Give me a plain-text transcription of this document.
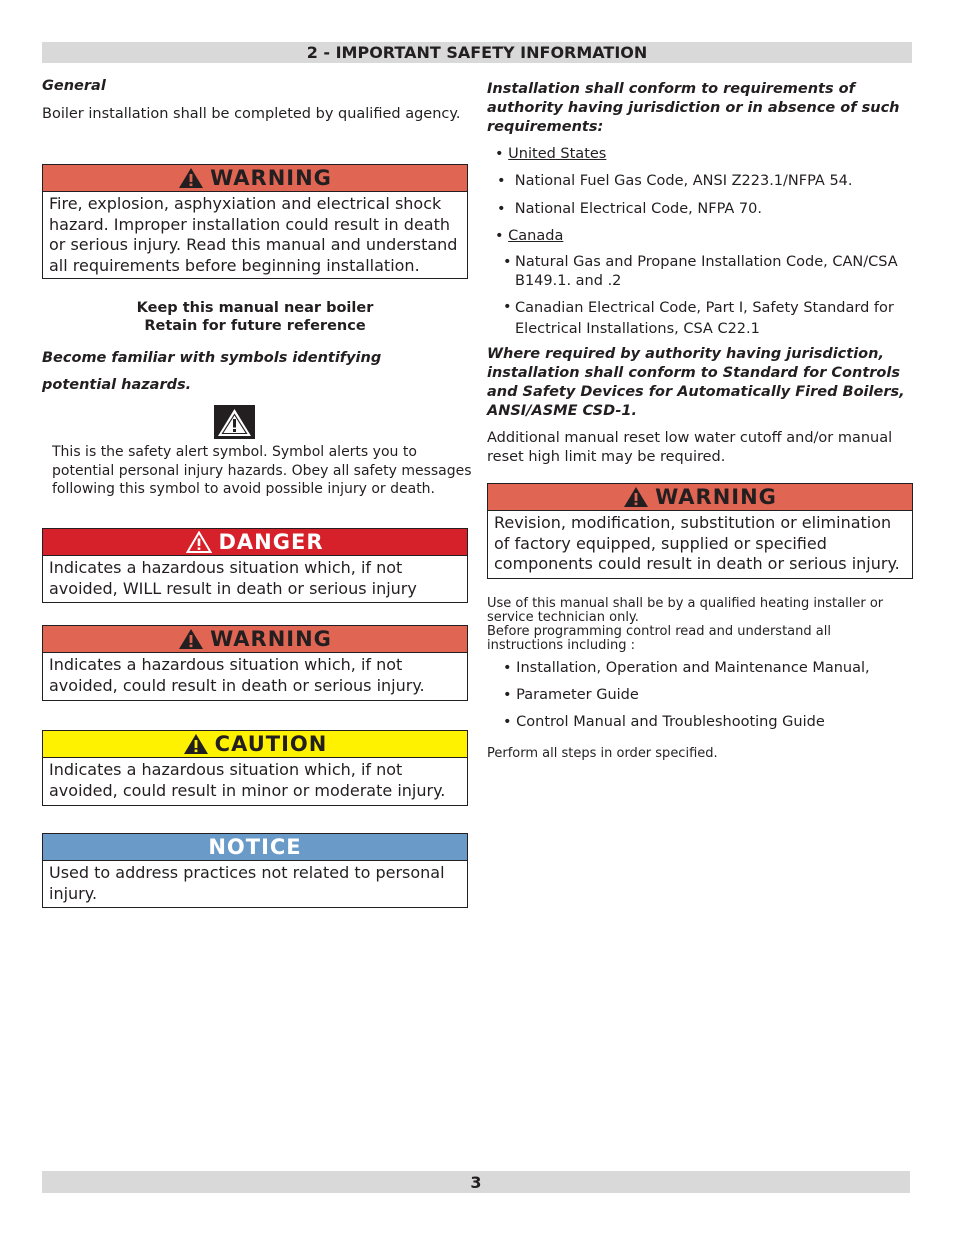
2 - IMPORTANT SAFETY INFORMATION
General
Boiler installation shall be completed by qualified agency.
WARNING
Fire, explosion, asphyxiation and electrical shock hazard. Improper installation could result in death or serious injury. Read this manual and understand all requirements before beginning installation.
Keep this manual near boiler
Retain for future reference
Become familiar with symbols identifying
potential hazards.
This is the safety alert symbol. Symbol alerts you to potential personal injury hazards. Obey all safety messages following this symbol to avoid possible injury or death.
DANGER
Indicates a hazardous situation which, if not avoided, WILL result in death or serious injury
WARNING
Indicates a hazardous situation which, if not avoided, could result in death or serious injury.
CAUTION
Indicates a hazardous situation which, if not avoided, could result in minor or moderate injury.
NOTICE
Used to address practices not related to personal injury.
Installation shall conform to requirements of authority having jurisdiction or in absence of such requirements:
• United States
•  National Fuel Gas Code, ANSI Z223.1/NFPA 54.
•  National Electrical Code, NFPA 70.
• Canada
• Natural Gas and Propane Installation Code, CAN/CSA B149.1. and .2
• Canadian Electrical Code, Part I, Safety Standard for Electrical Installations, CSA C22.1
Where required by authority having jurisdiction, installation shall conform to Standard for Controls and Safety Devices for Automatically Fired Boilers, ANSI/ASME CSD-1.
Additional manual reset low water cutoff and/or manual reset high limit may be required.
WARNING
Revision, modification, substitution or elimination of factory equipped, supplied or specified components could result in death or serious injury.
Use of this manual shall be by a qualified heating installer or service technician only.
Before programming control read and understand all instructions including :
• Installation, Operation and Maintenance Manual,
• Parameter Guide
• Control Manual and Troubleshooting Guide
Perform all steps in order specified.
3
